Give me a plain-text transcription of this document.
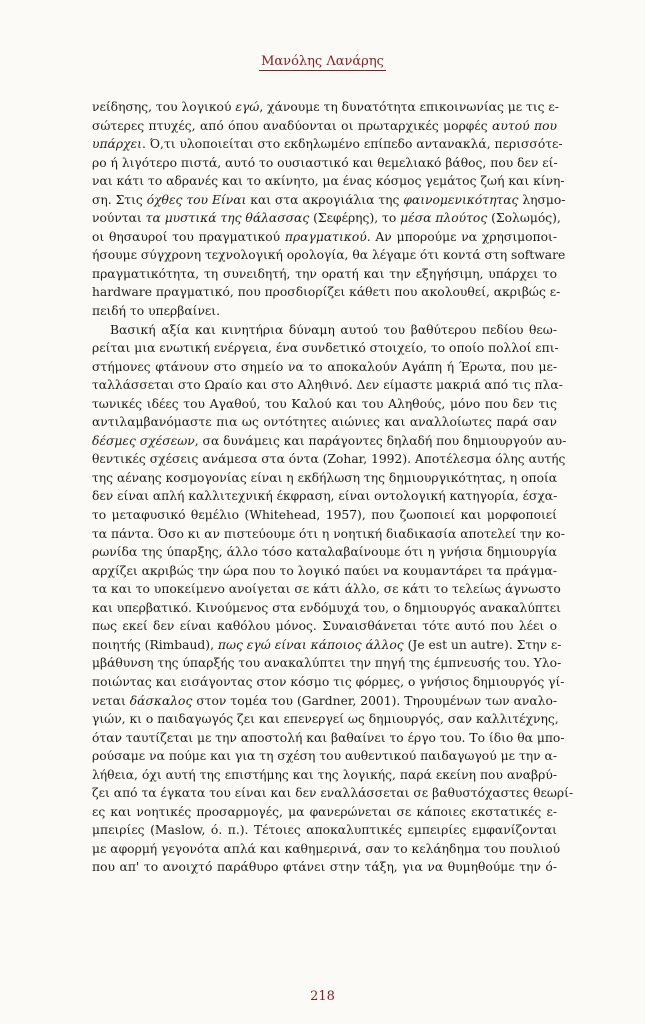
Μανόλης Λανάρης
νείδησης, του λογικού εγώ, χάνουμε τη δυνατότητα επικοινωνίας με τις ε-
σώτερες πτυχές, από όπου αναδύονται οι πρωταρχικές μορφές αυτού που
υπάρχει. Ό,τι υλοποιείται στο εκδηλωμένο επίπεδο αντανακλά, περισσότε-
ρο ή λιγότερο πιστά, αυτό το ουσιαστικό και θεμελιακό βάθος, που δεν εί-
ναι κάτι το αδρανές και το ακίνητο, μα ένας κόσμος γεμάτος ζωή και κίνη-
ση. Στις όχθες του Είναι και στα ακρογιάλια της φαινομενικότητας λησμο-
νούνται τα μυστικά της θάλασσας (Σεφέρης), το μέσα πλούτος (Σολωμός),
οι θησαυροί του πραγματικού πραγματικού. Αν μπορούμε να χρησιμοποι-
ήσουμε σύγχρονη τεχνολογική ορολογία, θα λέγαμε ότι κοντά στη software
πραγματικότητα, τη συνειδητή, την ορατή και την εξηγήσιμη, υπάρχει το
hardware πραγματικό, που προσδιορίζει κάθετι που ακολουθεί, ακριβώς ε-
πειδή το υπερβαίνει.
Βασική αξία και κινητήρια δύναμη αυτού του βαθύτερου πεδίου θεω-
ρείται μια ενωτική ενέργεια, ένα συνδετικό στοιχείο, το οποίο πολλοί επι-
στήμονες φτάνουν στο σημείο να το αποκαλούν Αγάπη ή Έρωτα, που με-
ταλλάσσεται στο Ωραίο και στο Αληθινό. Δεν είμαστε μακριά από τις πλα-
τωνικές ιδέες του Αγαθού, του Καλού και του Αληθούς, μόνο που δεν τις
αντιλαμβανόμαστε πια ως οντότητες αιώνιες και αναλλοίωτες παρά σαν
δέσμες σχέσεων, σα δυνάμεις και παράγοντες δηλαδή που δημιουργούν αυ-
θεντικές σχέσεις ανάμεσα στα όντα (Zohar, 1992). Αποτέλεσμα όλης αυτής
της αέναης κοσμογονίας είναι η εκδήλωση της δημιουργικότητας, η οποία
δεν είναι απλή καλλιτεχνική έκφραση, είναι οντολογική κατηγορία, έσχα-
το μεταφυσικό θεμέλιο (Whitehead, 1957), που ζωοποιεί και μορφοποιεί
τα πάντα. Όσο κι αν πιστεύουμε ότι η νοητική διαδικασία αποτελεί την κο-
ρωνίδα της ύπαρξης, άλλο τόσο καταλαβαίνουμε ότι η γνήσια δημιουργία
αρχίζει ακριβώς την ώρα που το λογικό παύει να κουμαντάρει τα πράγμα-
τα και το υποκείμενο ανοίγεται σε κάτι άλλο, σε κάτι το τελείως άγνωστο
και υπερβατικό. Κινούμενος στα ενδόμυχά του, ο δημιουργός ανακαλύπτει
πως εκεί δεν είναι καθόλου μόνος. Συναισθάνεται τότε αυτό που λέει ο
ποιητής (Rimbaud), πως εγώ είναι κάποιος άλλος (Je est un autre). Στην ε-
μβάθυνση της ύπαρξής του ανακαλύπτει την πηγή της έμπνευσής του. Υλο-
ποιώντας και εισάγοντας στον κόσμο τις φόρμες, ο γνήσιος δημιουργός γί-
νεται δάσκαλος στον τομέα του (Gardner, 2001). Τηρουμένων των αναλο-
γιών, κι ο παιδαγωγός ζει και επενεργεί ως δημιουργός, σαν καλλιτέχνης,
όταν ταυτίζεται με την αποστολή και βαθαίνει το έργο του. Το ίδιο θα μπο-
ρούσαμε να πούμε και για τη σχέση του αυθεντικού παιδαγωγού με την α-
λήθεια, όχι αυτή της επιστήμης και της λογικής, παρά εκείνη που αναβρύ-
ζει από τα έγκατα του είναι και δεν εναλλάσσεται σε βαθυστόχαστες θεωρί-
ες και νοητικές προσαρμογές, μα φανερώνεται σε κάποιες εκστατικές ε-
μπειρίες (Maslow, ό. π.). Τέτοιες αποκαλυπτικές εμπειρίες εμφανίζονται
με αφορμή γεγονότα απλά και καθημερινά, σαν το κελάηδημα του πουλιού
που απ' το ανοιχτό παράθυρο φτάνει στην τάξη, για να θυμηθούμε την ό-
218
